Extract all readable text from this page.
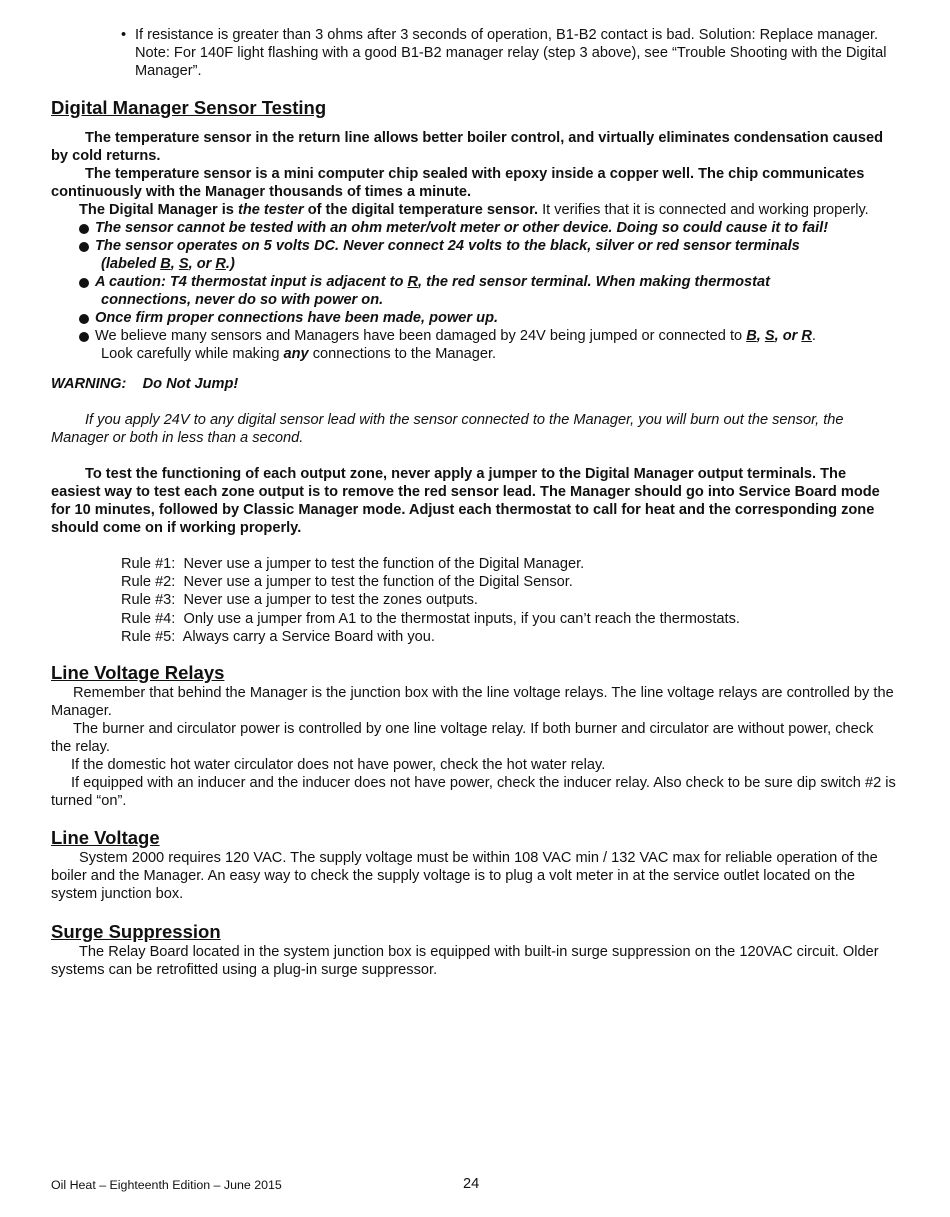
• If resistance is greater than 3 ohms after 3 seconds of operation, B1-B2 contact is bad. Solution: Replace manager. Note: For 140F light flashing with a good B1-B2 manager relay (step 3 above), see “Trouble Shooting with the Digital Manager”.

Digital Manager Sensor Testing

The temperature sensor in the return line allows better boiler control, and virtually eliminates condensation caused by cold returns.

The temperature sensor is a mini computer chip sealed with epoxy inside a copper well. The chip communicates continuously with the Manager thousands of times a minute.

The Digital Manager is the tester of the digital temperature sensor. It verifies that it is connected and working properly.

The sensor cannot be tested with an ohm meter/volt meter or other device. Doing so could cause it to fail!
The sensor operates on 5 volts DC. Never connect 24 volts to the black, silver or red sensor terminals
(labeled B, S, or R.)
A caution: T4 thermostat input is adjacent to R, the red sensor terminal. When making thermostat
connections, never do so with power on.
Once firm proper connections have been made, power up.
We believe many sensors and Managers have been damaged by 24V being jumped or connected to B, S, or R.
Look carefully while making any connections to the Manager.

WARNING:    Do Not Jump!

If you apply 24V to any digital sensor lead with the sensor connected to the Manager, you will burn out the sensor, the Manager or both in less than a second.

To test the functioning of each output zone, never apply a jumper to the Digital Manager output terminals. The easiest way to test each zone output is to remove the red sensor lead. The Manager should go into Service Board mode for 10 minutes, followed by Classic Manager mode. Adjust each thermostat to call for heat and the corresponding zone should come on if working properly.

Rule #1:  Never use a jumper to test the function of the Digital Manager.

Rule #2:  Never use a jumper to test the function of the Digital Sensor.

Rule #3:  Never use a jumper to test the zones outputs.

Rule #4:  Only use a jumper from A1 to the thermostat inputs, if you can’t reach the thermostats.

Rule #5:  Always carry a Service Board with you.

Line Voltage Relays

Remember that behind the Manager is the junction box with the line voltage relays. The line voltage relays are controlled by the Manager.

The burner and circulator power is controlled by one line voltage relay. If both burner and circulator are without power, check the relay.

If the domestic hot water circulator does not have power, check the hot water relay.

If equipped with an inducer and the inducer does not have power, check the inducer relay. Also check to be sure dip switch #2 is turned “on”.

Line Voltage

System 2000 requires 120 VAC. The supply voltage must be within 108 VAC min / 132 VAC max for reliable operation of the boiler and the Manager. An easy way to check the supply voltage is to plug a volt meter in at the service outlet located on the system junction box.

Surge Suppression

The Relay Board located in the system junction box is equipped with built-in surge suppression on the 120VAC circuit. Older systems can be retrofitted using a plug-in surge suppressor.

Oil Heat – Eighteenth Edition – June 2015	24
